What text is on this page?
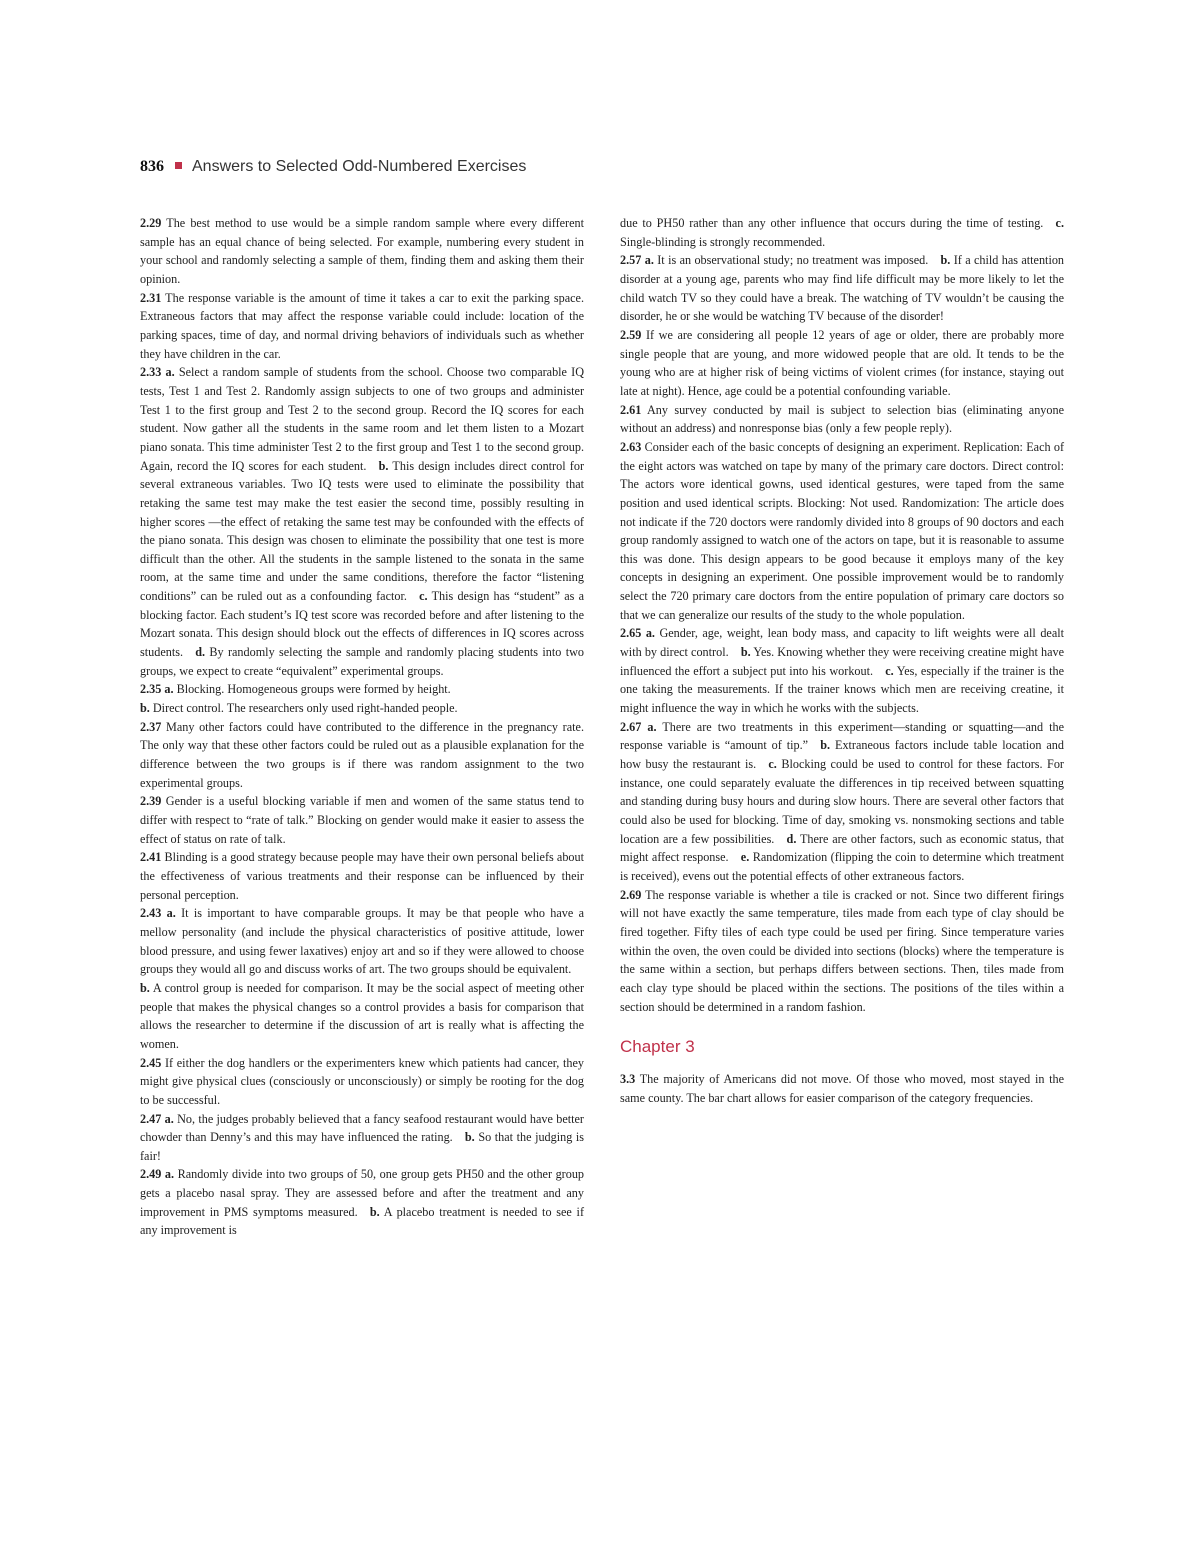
836 Answers to Selected Odd-Numbered Exercises

2.29 The best method to use would be a simple random sample where every different sample has an equal chance of being selected. For example, numbering every student in your school and randomly selecting a sample of them, finding them and asking them their opinion.

2.31 The response variable is the amount of time it takes a car to exit the parking space. Extraneous factors that may affect the response variable could include: location of the parking spaces, time of day, and normal driving behaviors of individuals such as whether they have children in the car.

2.33 a. Select a random sample of students from the school. Choose two comparable IQ tests, Test 1 and Test 2. Randomly assign subjects to one of two groups and administer Test 1 to the first group and Test 2 to the second group. Record the IQ scores for each student. Now gather all the students in the same room and let them listen to a Mozart piano sonata. This time administer Test 2 to the first group and Test 1 to the second group. Again, record the IQ scores for each student.  b. This design includes direct control for several extraneous variables. Two IQ tests were used to eliminate the possibility that retaking the same test may make the test easier the second time, possibly resulting in higher scores —the effect of retaking the same test may be confounded with the effects of the piano sonata. This design was chosen to eliminate the possibility that one test is more difficult than the other. All the students in the sample listened to the sonata in the same room, at the same time and under the same conditions, therefore the factor “listening conditions” can be ruled out as a confounding factor.  c. This design has “student” as a blocking factor. Each student’s IQ test score was recorded before and after listening to the Mozart sonata. This design should block out the effects of differences in IQ scores across students.  d. By randomly selecting the sample and randomly placing students into two groups, we expect to create “equivalent” experimental groups.

2.35 a. Blocking. Homogeneous groups were formed by height.
b. Direct control. The researchers only used right-handed people.

2.37 Many other factors could have contributed to the difference in the pregnancy rate. The only way that these other factors could be ruled out as a plausible explanation for the difference between the two groups is if there was random assignment to the two experimental groups.

2.39 Gender is a useful blocking variable if men and women of the same status tend to differ with respect to “rate of talk.” Blocking on gender would make it easier to assess the effect of status on rate of talk.

2.41 Blinding is a good strategy because people may have their own personal beliefs about the effectiveness of various treatments and their response can be influenced by their personal perception.

2.43 a. It is important to have comparable groups. It may be that people who have a mellow personality (and include the physical characteristics of positive attitude, lower blood pressure, and using fewer laxatives) enjoy art and so if they were allowed to choose groups they would all go and discuss works of art. The two groups should be equivalent.
b. A control group is needed for comparison. It may be the social aspect of meeting other people that makes the physical changes so a control provides a basis for comparison that allows the researcher to determine if the discussion of art is really what is affecting the women.

2.45 If either the dog handlers or the experimenters knew which patients had cancer, they might give physical clues (consciously or unconsciously) or simply be rooting for the dog to be successful.

2.47 a. No, the judges probably believed that a fancy seafood restaurant would have better chowder than Denny’s and this may have influenced the rating.  b. So that the judging is fair!

2.49 a. Randomly divide into two groups of 50, one group gets PH50 and the other group gets a placebo nasal spray. They are assessed before and after the treatment and any improvement in PMS symptoms measured.  b. A placebo treatment is needed to see if any improvement is

due to PH50 rather than any other influence that occurs during the time of testing.  c. Single-blinding is strongly recommended.

2.57 a. It is an observational study; no treatment was imposed.  b. If a child has attention disorder at a young age, parents who may find life difficult may be more likely to let the child watch TV so they could have a break. The watching of TV wouldn’t be causing the disorder, he or she would be watching TV because of the disorder!

2.59 If we are considering all people 12 years of age or older, there are probably more single people that are young, and more widowed people that are old. It tends to be the young who are at higher risk of being victims of violent crimes (for instance, staying out late at night). Hence, age could be a potential confounding variable.

2.61 Any survey conducted by mail is subject to selection bias (eliminating anyone without an address) and nonresponse bias (only a few people reply).

2.63 Consider each of the basic concepts of designing an experiment. Replication: Each of the eight actors was watched on tape by many of the primary care doctors. Direct control: The actors wore identical gowns, used identical gestures, were taped from the same position and used identical scripts. Blocking: Not used. Randomization: The article does not indicate if the 720 doctors were randomly divided into 8 groups of 90 doctors and each group randomly assigned to watch one of the actors on tape, but it is reasonable to assume this was done. This design appears to be good because it employs many of the key concepts in designing an experiment. One possible improvement would be to randomly select the 720 primary care doctors from the entire population of primary care doctors so that we can generalize our results of the study to the whole population.

2.65 a. Gender, age, weight, lean body mass, and capacity to lift weights were all dealt with by direct control.  b. Yes. Knowing whether they were receiving creatine might have influenced the effort a subject put into his workout.  c. Yes, especially if the trainer is the one taking the measurements. If the trainer knows which men are receiving creatine, it might influence the way in which he works with the subjects.

2.67 a. There are two treatments in this experiment—standing or squatting—and the response variable is “amount of tip.”  b. Extraneous factors include table location and how busy the restaurant is.  c. Blocking could be used to control for these factors. For instance, one could separately evaluate the differences in tip received between squatting and standing during busy hours and during slow hours. There are several other factors that could also be used for blocking. Time of day, smoking vs. nonsmoking sections and table location are a few possibilities.  d. There are other factors, such as economic status, that might affect response.  e. Randomization (flipping the coin to determine which treatment is received), evens out the potential effects of other extraneous factors.

2.69 The response variable is whether a tile is cracked or not. Since two different firings will not have exactly the same temperature, tiles made from each type of clay should be fired together. Fifty tiles of each type could be used per firing. Since temperature varies within the oven, the oven could be divided into sections (blocks) where the temperature is the same within a section, but perhaps differs between sections. Then, tiles made from each clay type should be placed within the sections. The positions of the tiles within a section should be determined in a random fashion.

Chapter 3

3.3 The majority of Americans did not move. Of those who moved, most stayed in the same county. The bar chart allows for easier comparison of the category frequencies.
